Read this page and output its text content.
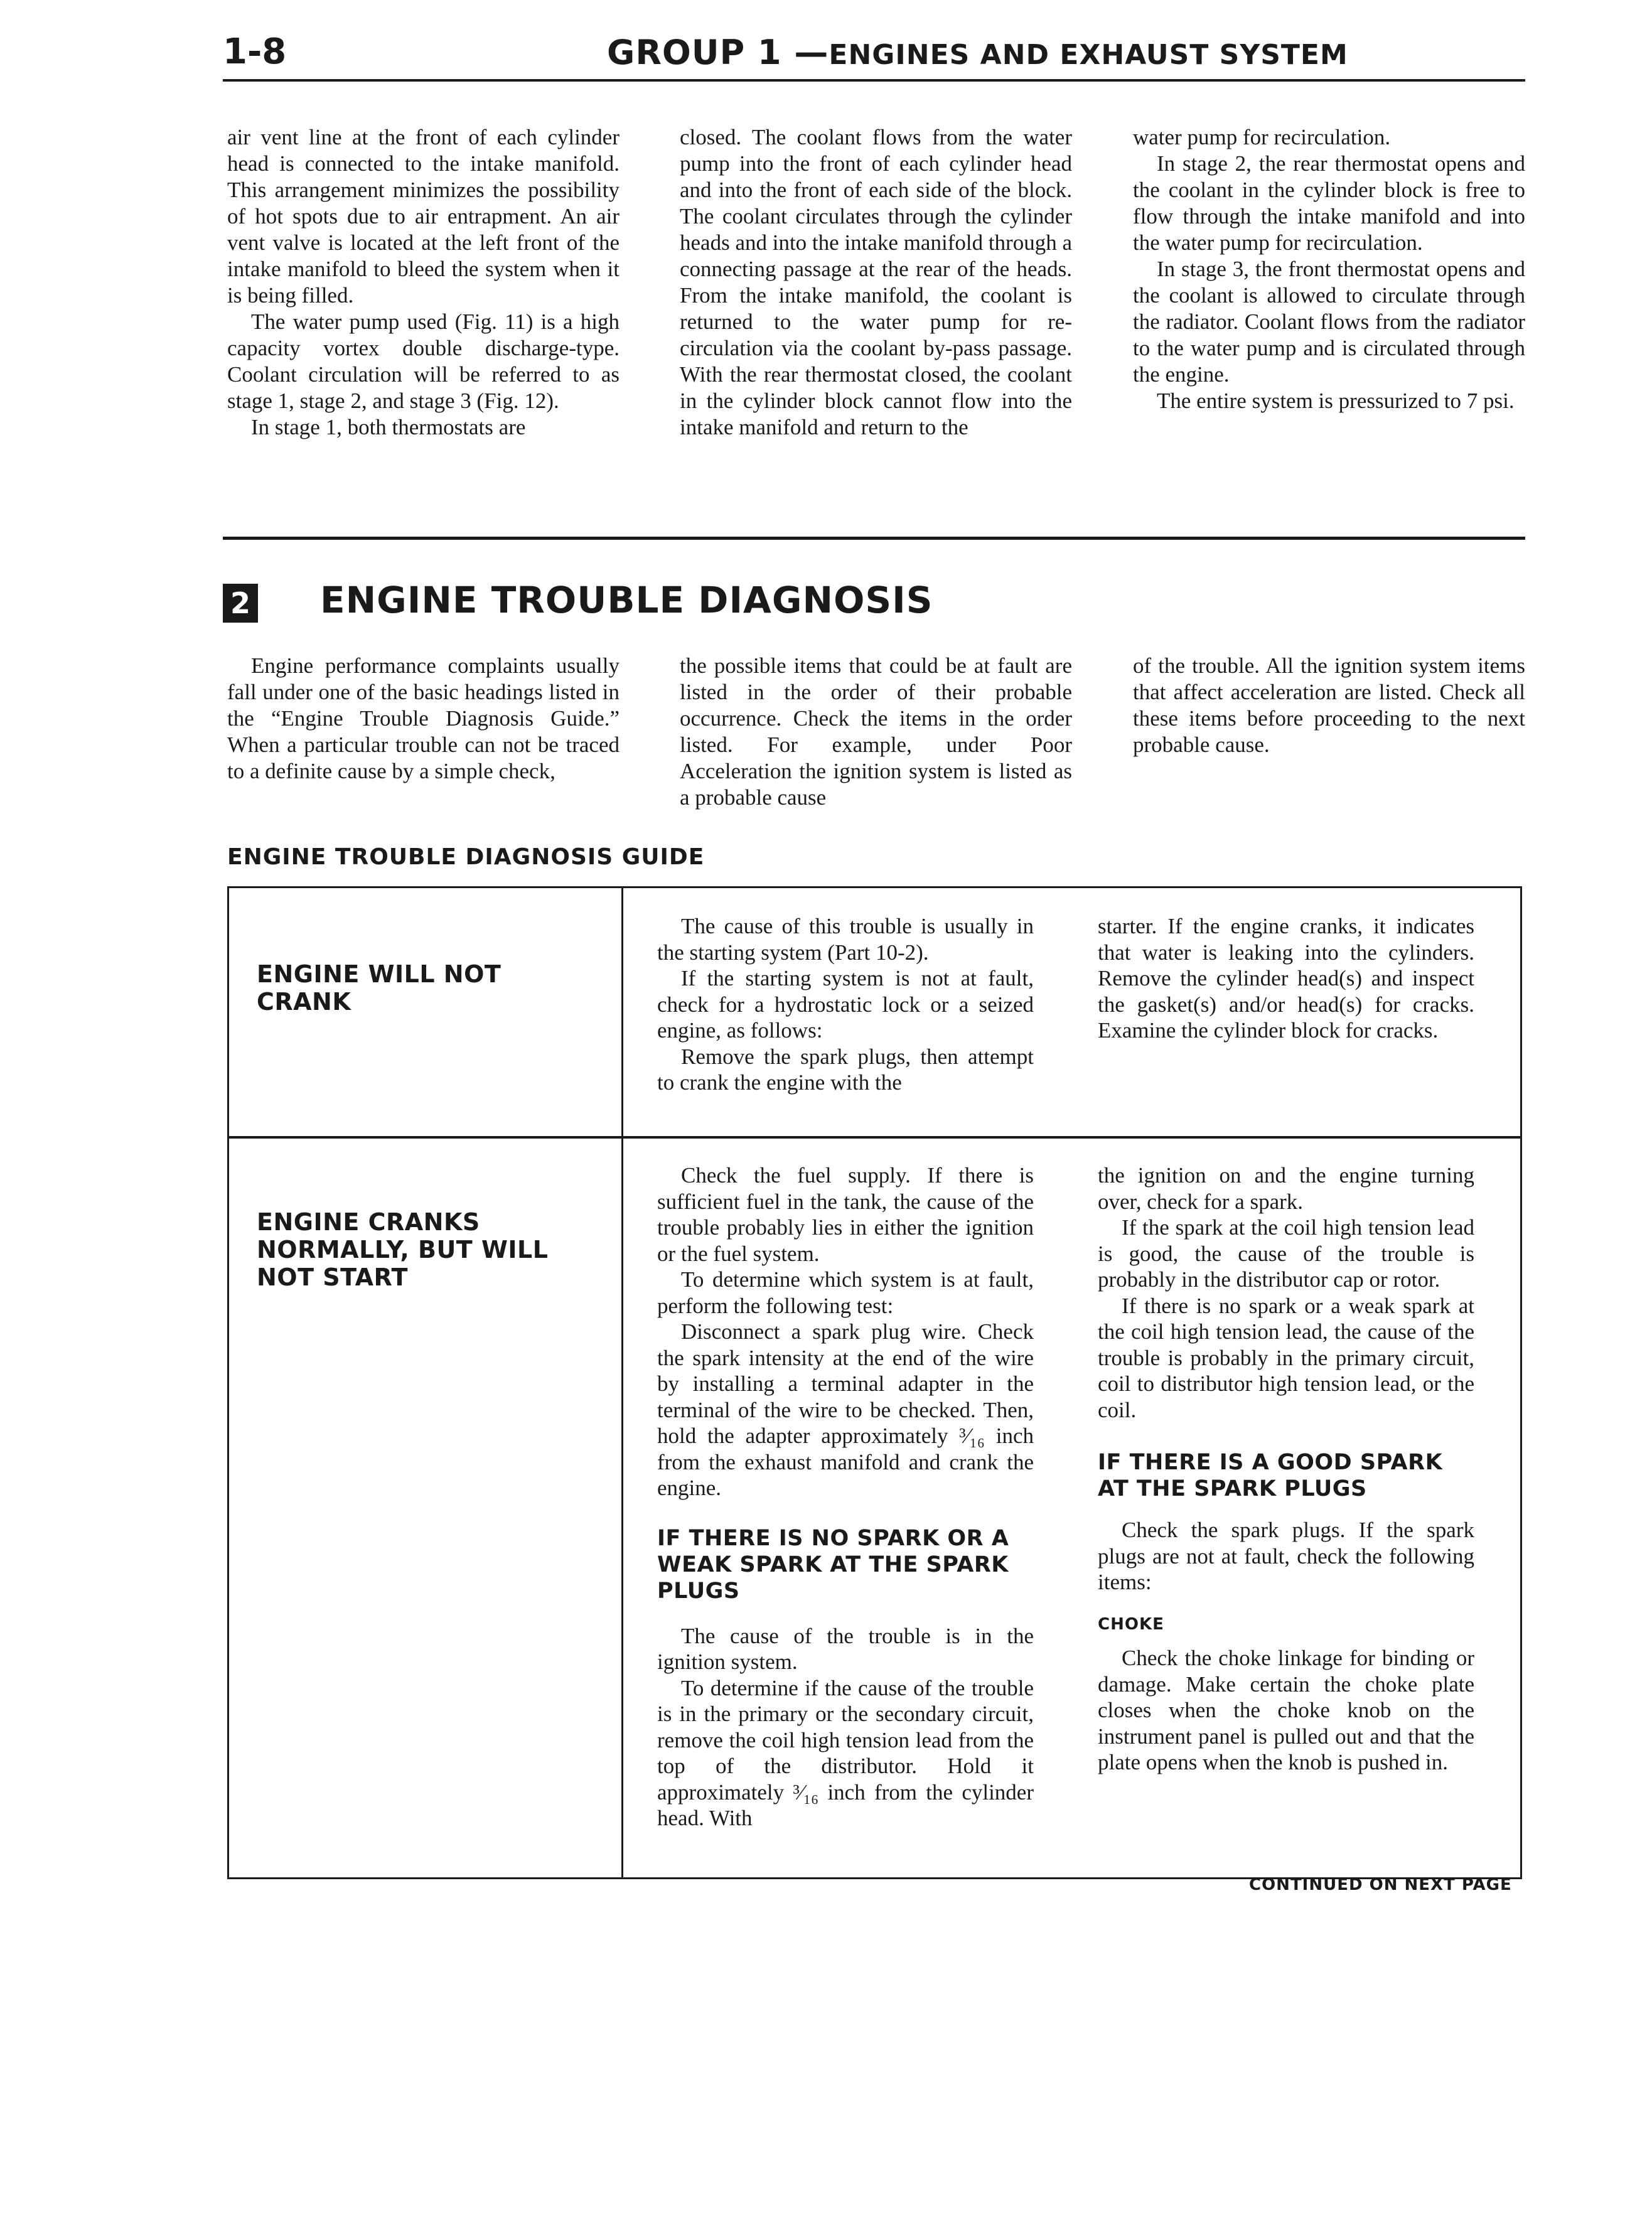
1-8	GROUP 1 —ENGINES AND EXHAUST SYSTEM

air vent line at the front of each cylinder head is connected to the intake manifold. This arrangement minimizes the possibility of hot spots due to air entrapment. An air vent valve is located at the left front of the intake manifold to bleed the system when it is being filled.

The water pump used (Fig. 11) is a high capacity vortex double discharge-type. Coolant circulation will be referred to as stage 1, stage 2, and stage 3 (Fig. 12).

In stage 1, both thermostats are

closed. The coolant flows from the water pump into the front of each cylinder head and into the front of each side of the block. The coolant circulates through the cylinder heads and into the intake manifold through a connecting passage at the rear of the heads. From the intake manifold, the coolant is returned to the water pump for re-circulation via the coolant by-pass passage. With the rear thermostat closed, the coolant in the cylinder block cannot flow into the intake manifold and return to the

water pump for recirculation.

In stage 2, the rear thermostat opens and the coolant in the cylinder block is free to flow through the intake manifold and into the water pump for recirculation.

In stage 3, the front thermostat opens and the coolant is allowed to circulate through the radiator. Coolant flows from the radiator to the water pump and is circulated through the engine.

The entire system is pressurized to 7 psi.

2 ENGINE TROUBLE DIAGNOSIS

Engine performance complaints usually fall under one of the basic headings listed in the “Engine Trouble Diagnosis Guide.” When a particular trouble can not be traced to a definite cause by a simple check,

the possible items that could be at fault are listed in the order of their probable occurrence. Check the items in the order listed. For example, under Poor Acceleration the ignition system is listed as a probable cause

of the trouble. All the ignition system items that affect acceleration are listed. Check all these items before proceeding to the next probable cause.

ENGINE TROUBLE DIAGNOSIS GUIDE
ENGINE WILL NOT CRANK

The cause of this trouble is usually in the starting system (Part 10-2).

If the starting system is not at fault, check for a hydrostatic lock or a seized engine, as follows:

Remove the spark plugs, then attempt to crank the engine with the

starter. If the engine cranks, it indicates that water is leaking into the cylinders. Remove the cylinder head(s) and inspect the gasket(s) and/or head(s) for cracks. Examine the cylinder block for cracks.

ENGINE CRANKS NORMALLY, BUT WILL NOT START

Check the fuel supply. If there is sufficient fuel in the tank, the cause of the trouble probably lies in either the ignition or the fuel system.

To determine which system is at fault, perform the following test:

Disconnect a spark plug wire. Check the spark intensity at the end of the wire by installing a terminal adapter in the terminal of the wire to be checked. Then, hold the adapter approximately ³⁄₁₆ inch from the exhaust manifold and crank the engine.

IF THERE IS NO SPARK OR A WEAK SPARK AT THE SPARK PLUGS

The cause of the trouble is in the ignition system.

To determine if the cause of the trouble is in the primary or the secondary circuit, remove the coil high tension lead from the top of the distributor. Hold it approximately ³⁄₁₆ inch from the cylinder head. With

the ignition on and the engine turning over, check for a spark.

If the spark at the coil high tension lead is good, the cause of the trouble is probably in the distributor cap or rotor.

If there is no spark or a weak spark at the coil high tension lead, the cause of the trouble is probably in the primary circuit, coil to distributor high tension lead, or the coil.

IF THERE IS A GOOD SPARK AT THE SPARK PLUGS

Check the spark plugs. If the spark plugs are not at fault, check the following items:

CHOKE

Check the choke linkage for binding or damage. Make certain the choke plate closes when the choke knob on the instrument panel is pulled out and that the plate opens when the knob is pushed in.

CONTINUED ON NEXT PAGE
